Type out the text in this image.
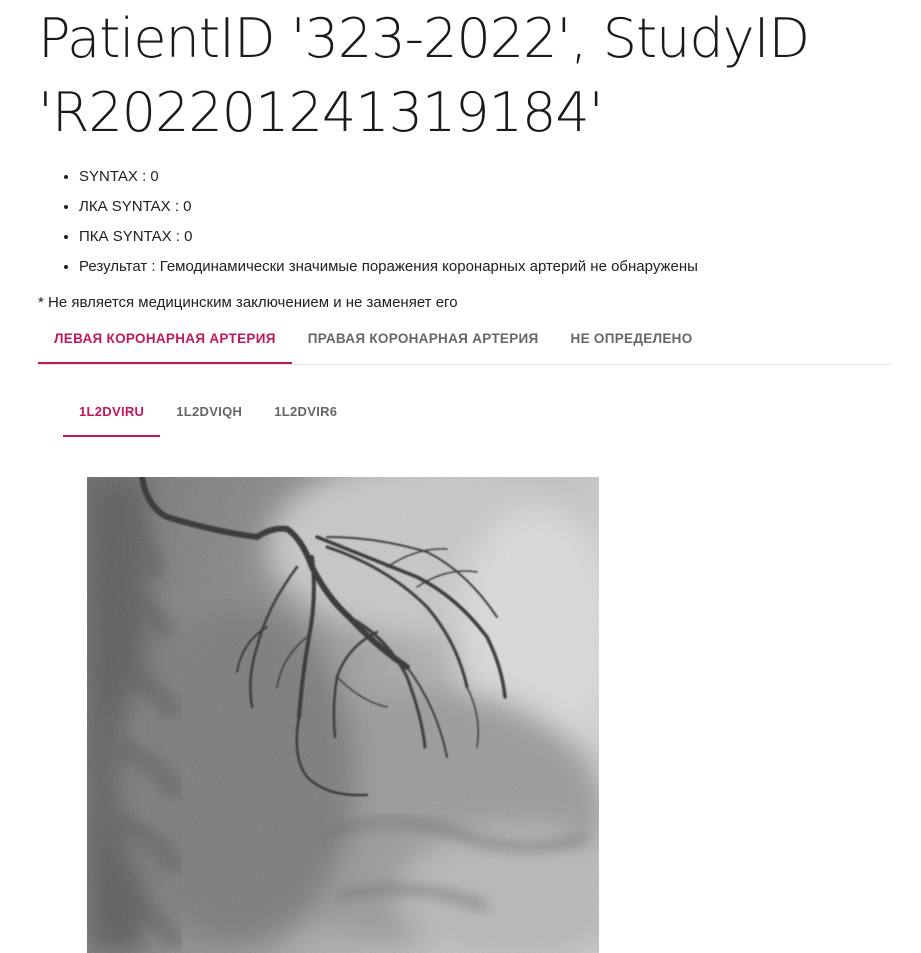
PatientID '323-2022', StudyID 'R202201241319184'
• SYNTAX : 0
• ЛКА SYNTAX : 0
• ПКА SYNTAX : 0
• Результат : Гемодинамически значимые поражения коронарных артерий не обнаружены
* Не является медицинским заключением и не заменяет его
ЛЕВАЯ КОРОНАРНАЯ АРТЕРИЯ	ПРАВАЯ КОРОНАРНАЯ АРТЕРИЯ	НЕ ОПРЕДЕЛЕНО
1L2DVIRU	1L2DVIQH	1L2DVIR6
